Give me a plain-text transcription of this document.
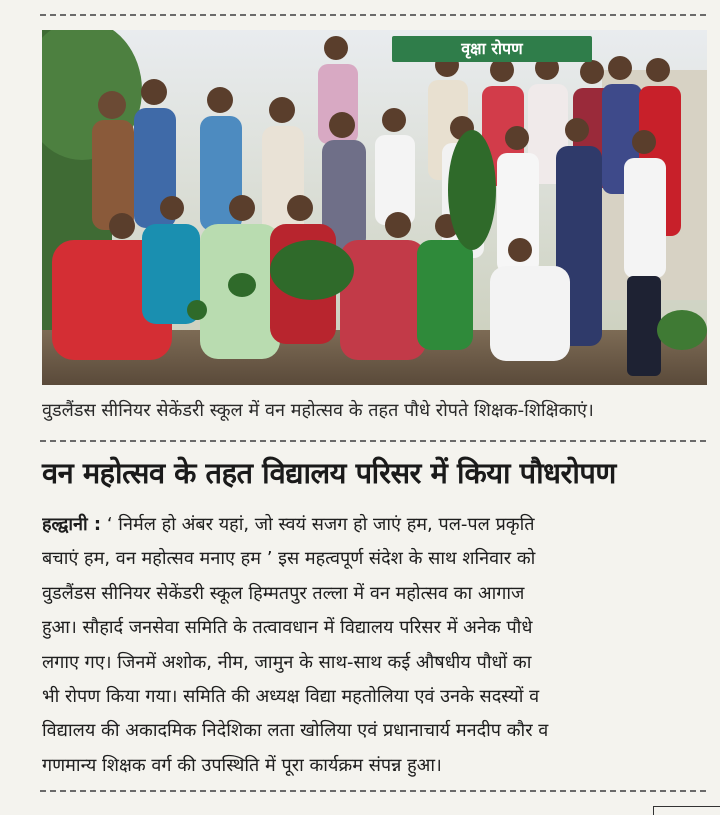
वृक्षा रोपण
वुडलैंडस सीनियर सेकेंडरी स्कूल में वन महोत्सव के तहत पौधे रोपते शिक्षक-शिक्षिकाएं।
वन महोत्सव के तहत विद्यालय परिसर में किया पौधरोपण
हल्द्वानी : ‘ निर्मल हो अंबर यहां, जो स्वयं सजग हो जाएं हम, पल-पल प्रकृति
बचाएं हम, वन महोत्सव मनाए हम ’ इस महत्वपूर्ण संदेश के साथ शनिवार को
वुडलैंडस सीनियर सेकेंडरी स्कूल हिम्मतपुर तल्ला में वन महोत्सव का आगाज
हुआ। सौहार्द जनसेवा समिति के तत्वावधान में विद्यालय परिसर में अनेक पौधे
लगाए गए। जिनमें अशोक, नीम, जामुन के साथ-साथ कई औषधीय पौधों का
भी रोपण किया गया। समिति की अध्यक्ष विद्या महतोलिया एवं उनके सदस्यों व
विद्यालय की अकादमिक निदेशिका लता खोलिया एवं प्रधानाचार्य मनदीप कौर व
गणमान्य शिक्षक वर्ग की उपस्थिति में पूरा कार्यक्रम संपन्न हुआ।
